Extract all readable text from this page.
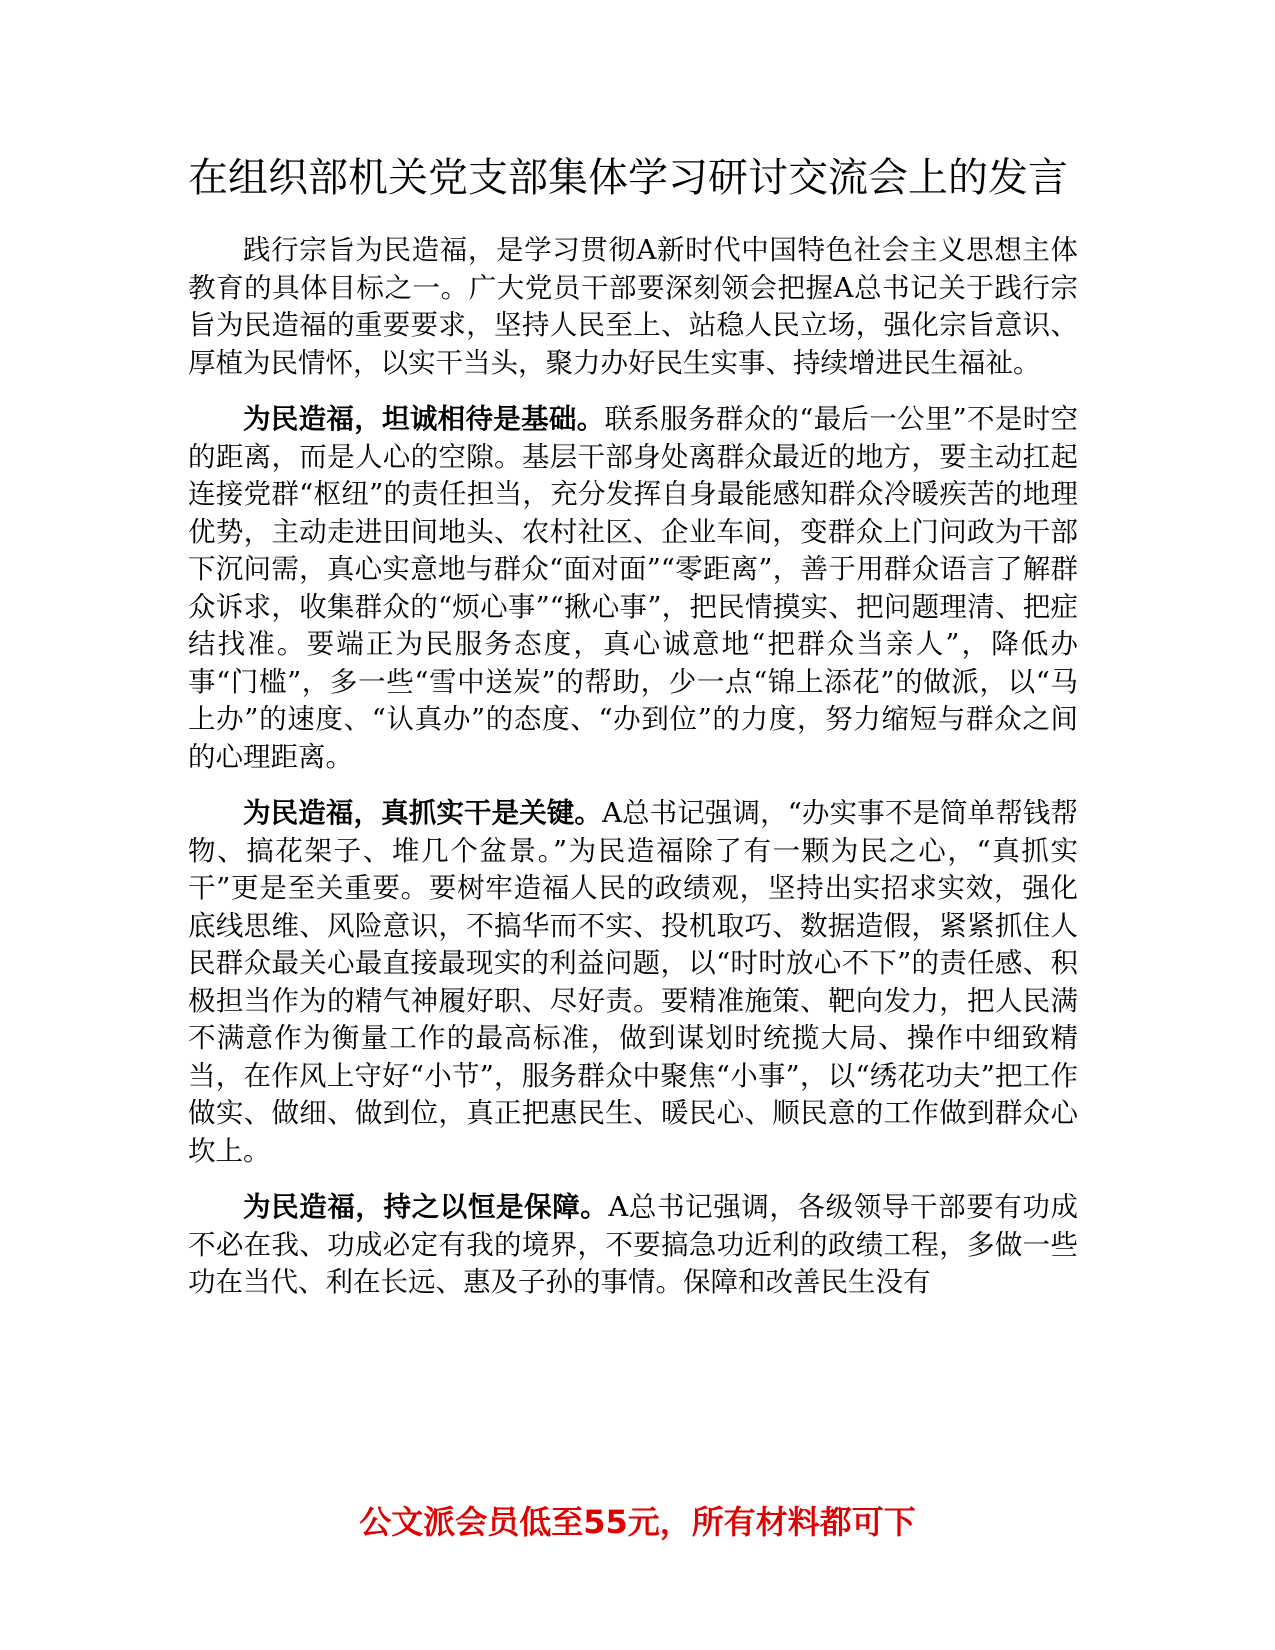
在组织部机关党支部集体学习研讨交流会上的发言

践行宗旨为民造福，是学习贯彻A新时代中国特色社会主义思想主体教育的具体目标之一。广大党员干部要深刻领会把握A总书记关于践行宗旨为民造福的重要要求，坚持人民至上、站稳人民立场，强化宗旨意识、厚植为民情怀，以实干当头，聚力办好民生实事、持续增进民生福祉。

为民造福，坦诚相待是基础。联系服务群众的“最后一公里”不是时空的距离，而是人心的空隙。基层干部身处离群众最近的地方，要主动扛起连接党群“枢纽”的责任担当，充分发挥自身最能感知群众冷暖疾苦的地理优势，主动走进田间地头、农村社区、企业车间，变群众上门问政为干部下沉问需，真心实意地与群众“面对面”“零距离”，善于用群众语言了解群众诉求，收集群众的“烦心事”“揪心事”，把民情摸实、把问题理清、把症结找准。要端正为民服务态度，真心诚意地“把群众当亲人”，降低办事“门槛”，多一些“雪中送炭”的帮助，少一点“锦上添花”的做派，以“马上办”的速度、“认真办”的态度、“办到位”的力度，努力缩短与群众之间的心理距离。

为民造福，真抓实干是关键。A总书记强调，“办实事不是简单帮钱帮物、搞花架子、堆几个盆景。”为民造福除了有一颗为民之心，“真抓实干”更是至关重要。要树牢造福人民的政绩观，坚持出实招求实效，强化底线思维、风险意识，不搞华而不实、投机取巧、数据造假，紧紧抓住人民群众最关心最直接最现实的利益问题，以“时时放心不下”的责任感、积极担当作为的精气神履好职、尽好责。要精准施策、靶向发力，把人民满不满意作为衡量工作的最高标准，做到谋划时统揽大局、操作中细致精当，在作风上守好“小节”，服务群众中聚焦“小事”，以“绣花功夫”把工作做实、做细、做到位，真正把惠民生、暖民心、顺民意的工作做到群众心坎上。

为民造福，持之以恒是保障。A总书记强调，各级领导干部要有功成不必在我、功成必定有我的境界，不要搞急功近利的政绩工程，多做一些功在当代、利在长远、惠及子孙的事情。保障和改善民生没有

公文派会员低至55元，所有材料都可下
